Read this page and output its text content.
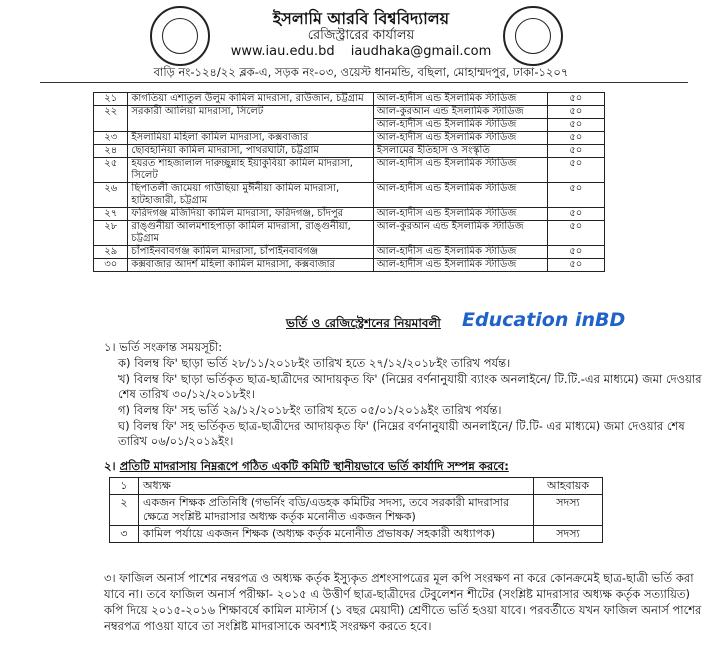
ইসলামি আরবি বিশ্ববিদ্যালয়
রেজিস্ট্রারের কার্যালয়
www.iau.edu.bd iaudhaka@gmail.com
বাড়ি নং-১২৪/২২ ব্লক-এ, সড়ক নং-০৩, ওয়েস্ট ধানমন্ডি, বছিলা, মোহাম্মদপুর, ঢাকা-১২০৭
২১	কাগতিয়া এশাতুল উলুম কামিল মাদরাসা, রাউজান, চট্টগ্রাম	আল-হাদীস এন্ড ইসলামিক স্টাডিজ	৫০
২২	সরকারী আলিয়া মাদরাসা, সিলেট	আল-কুরআন এন্ড ইসলামিক স্টাডিজ	৫০
		আল-হাদীস এন্ড ইসলামিক স্টাডিজ	৫০
২৩	ইসলামিয়া মহিলা কামিল মাদরাসা, কক্সবাজার	আল-হাদীস এন্ড ইসলামিক স্টাডিজ	৫০
২৪	ছোবহানিয়া কামিল মাদরাসা, পাথরঘাটা, চট্টগ্রাম	ইসলামের ইতিহাস ও সংস্কৃতি	৫০
২৫	হযরত শাহজালাল দারুচ্ছুন্নাহ ইয়াকুবিয়া কামিল মাদরাসা, সিলেট	আল-হাদীস এন্ড ইসলামিক স্টাডিজ	৫০
২৬	ছিপাতলী জামেয়া গাউছিয়া মুঈনীয়া কামিল মাদরাসা, হাটহাজারী, চট্টগ্রাম	আল-হাদীস এন্ড ইসলামিক স্টাডিজ	৫০
২৭	ফরিদগঞ্জ মজিদিয়া কামিল মাদরাসা, ফরিদগঞ্জ, চাঁদপুর	আল-হাদীস এন্ড ইসলামিক স্টাডিজ	৫০
২৮	রাঙ্গুনীয়া আলমশাহপাড়া কামিল মাদরাসা, রাঙ্গুনীয়া, চট্টগ্রাম	আল-কুরআন এন্ড ইসলামিক স্টাডিজ	৫০
২৯	চাঁপাইনবাবগঞ্জ কামিল মাদরাসা, চাঁপাইনবাবগঞ্জ	আল-হাদীস এন্ড ইসলামিক স্টাডিজ	৫০
৩০	কক্সবাজার আদর্শ মহিলা কামিল মাদরাসা, কক্সবাজার	আল-হাদীস এন্ড ইসলামিক স্টাডিজ	৫০
ভর্তি ও রেজিস্ট্রেশনের নিয়মাবলী Education inBD
১। ভর্তি সংক্রান্ত সময়সূচী:
ক) বিলম্ব ফি' ছাড়া ভর্তি ২৮/১১/২০১৮ইং তারিখ হতে ২৭/১২/২০১৮ইং তারিখ পর্যন্ত।
খ) বিলম্ব ফি' ছাড়া ভর্তিকৃত ছাত্র-ছাত্রীদের আদায়কৃত ফি' (নিম্নের বর্ণনানুযায়ী ব্যাংক অনলাইনে/ টি.টি.-এর মাধ্যমে) জমা দেওয়ার শেষ তারিখ ৩০/১২/২০১৮ইং।
গ) বিলম্ব ফি' সহ ভর্তি ২৯/১২/২০১৮ইং তারিখ হতে ০৫/০১/২০১৯ইং তারিখ পর্যন্ত।
ঘ) বিলম্ব ফি' সহ ভর্তিকৃত ছাত্র-ছাত্রীদের আদায়কৃত ফি' (নিম্নের বর্ণনানুযায়ী অনলাইনে/ টি.টি- এর মাধ্যমে) জমা দেওয়ার শেষ তারিখ ০৬/০১/২০১৯ইং।
২। প্রতিটি মাদরাসায় নিম্নরূপে গঠিত একটি কমিটি স্থানীয়ভাবে ভর্তি কার্যাদি সম্পন্ন করবে:
১	অধ্যক্ষ	আহবায়ক
২	একজন শিক্ষক প্রতিনিধি (গভর্নিং বডি/এডহক কমিটির সদস্য, তবে সরকারী মাদরাসার ক্ষেত্রে সংশ্লিষ্ট মাদরাসার অধ্যক্ষ কর্তৃক মনোনীত একজন শিক্ষক)	সদস্য
৩	কামিল পর্যায়ে একজন শিক্ষক (অধ্যক্ষ কর্তৃক মনোনীত প্রভাষক/ সহকারী অধ্যাপক)	সদস্য
৩। ফাজিল অনার্স পাশের নম্বরপত্র ও অধ্যক্ষ কর্তৃক ইস্যুকৃত প্রশংসাপত্রের মূল কপি সংরক্ষণ না করে কোনক্রমেই ছাত্র-ছাত্রী ভর্তি করা যাবে না। তবে ফাজিল অনার্স পরীক্ষা- ২০১৫ এ উত্তীর্ণ ছাত্র-ছাত্রীদের টেবুলেশন শীটের (সংশ্লিষ্ট মাদরাসার অধ্যক্ষ কর্তৃক সত্যায়িত) কপি দিয়ে ২০১৫-২০১৬ শিক্ষাবর্ষে কামিল মাস্টার্স (১ বছর মেয়াদী) শ্রেণীতে ভর্তি হওয়া যাবে। পরবর্তীতে যখন ফাজিল অনার্স পাশের নম্বরপত্র পাওয়া যাবে তা সংশ্লিষ্ট মাদরাসাকে অবশ্যই সংরক্ষণ করতে হবে।
